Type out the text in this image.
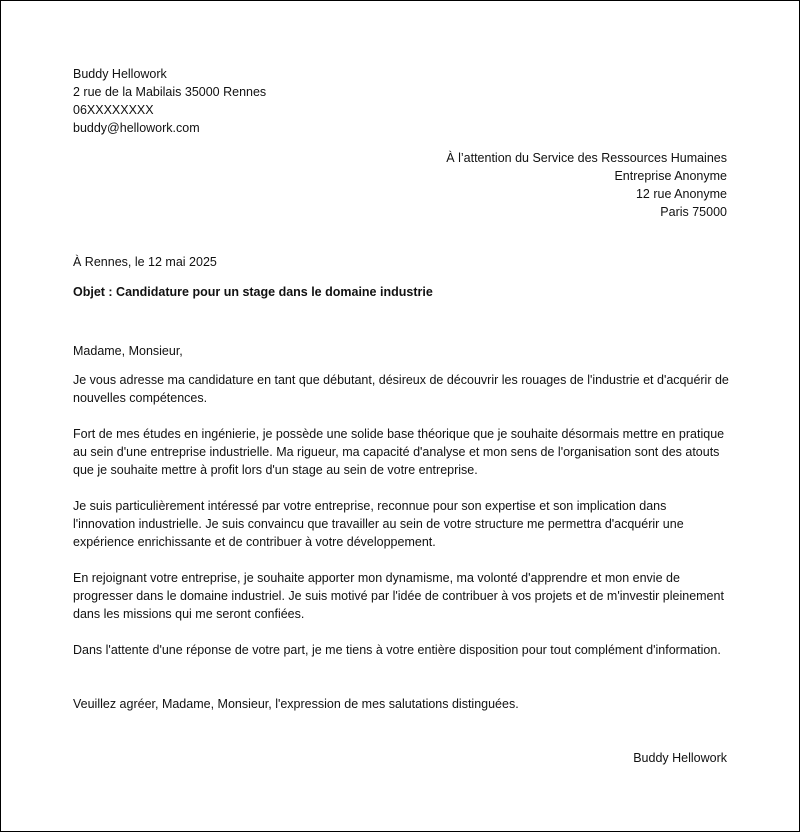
Buddy Hellowork
2 rue de la Mabilais 35000 Rennes
06XXXXXXXX
buddy@hellowork.com
À l’attention du Service des Ressources Humaines
Entreprise Anonyme
12 rue Anonyme
Paris 75000
À Rennes, le 12 mai 2025
Objet : Candidature pour un stage dans le domaine industrie
Madame, Monsieur,

Je vous adresse ma candidature en tant que débutant, désireux de découvrir les rouages de l'industrie et d'acquérir de nouvelles compétences.

Fort de mes études en ingénierie, je possède une solide base théorique que je souhaite désormais mettre en pratique au sein d'une entreprise industrielle. Ma rigueur, ma capacité d'analyse et mon sens de l'organisation sont des atouts que je souhaite mettre à profit lors d'un stage au sein de votre entreprise.

Je suis particulièrement intéressé par votre entreprise, reconnue pour son expertise et son implication dans l'innovation industrielle. Je suis convaincu que travailler au sein de votre structure me permettra d'acquérir une expérience enrichissante et de contribuer à votre développement.

En rejoignant votre entreprise, je souhaite apporter mon dynamisme, ma volonté d'apprendre et mon envie de progresser dans le domaine industriel. Je suis motivé par l'idée de contribuer à vos projets et de m'investir pleinement dans les missions qui me seront confiées.

Dans l'attente d'une réponse de votre part, je me tiens à votre entière disposition pour tout complément d'information.

Veuillez agréer, Madame, Monsieur, l'expression de mes salutations distinguées.

Buddy Hellowork
